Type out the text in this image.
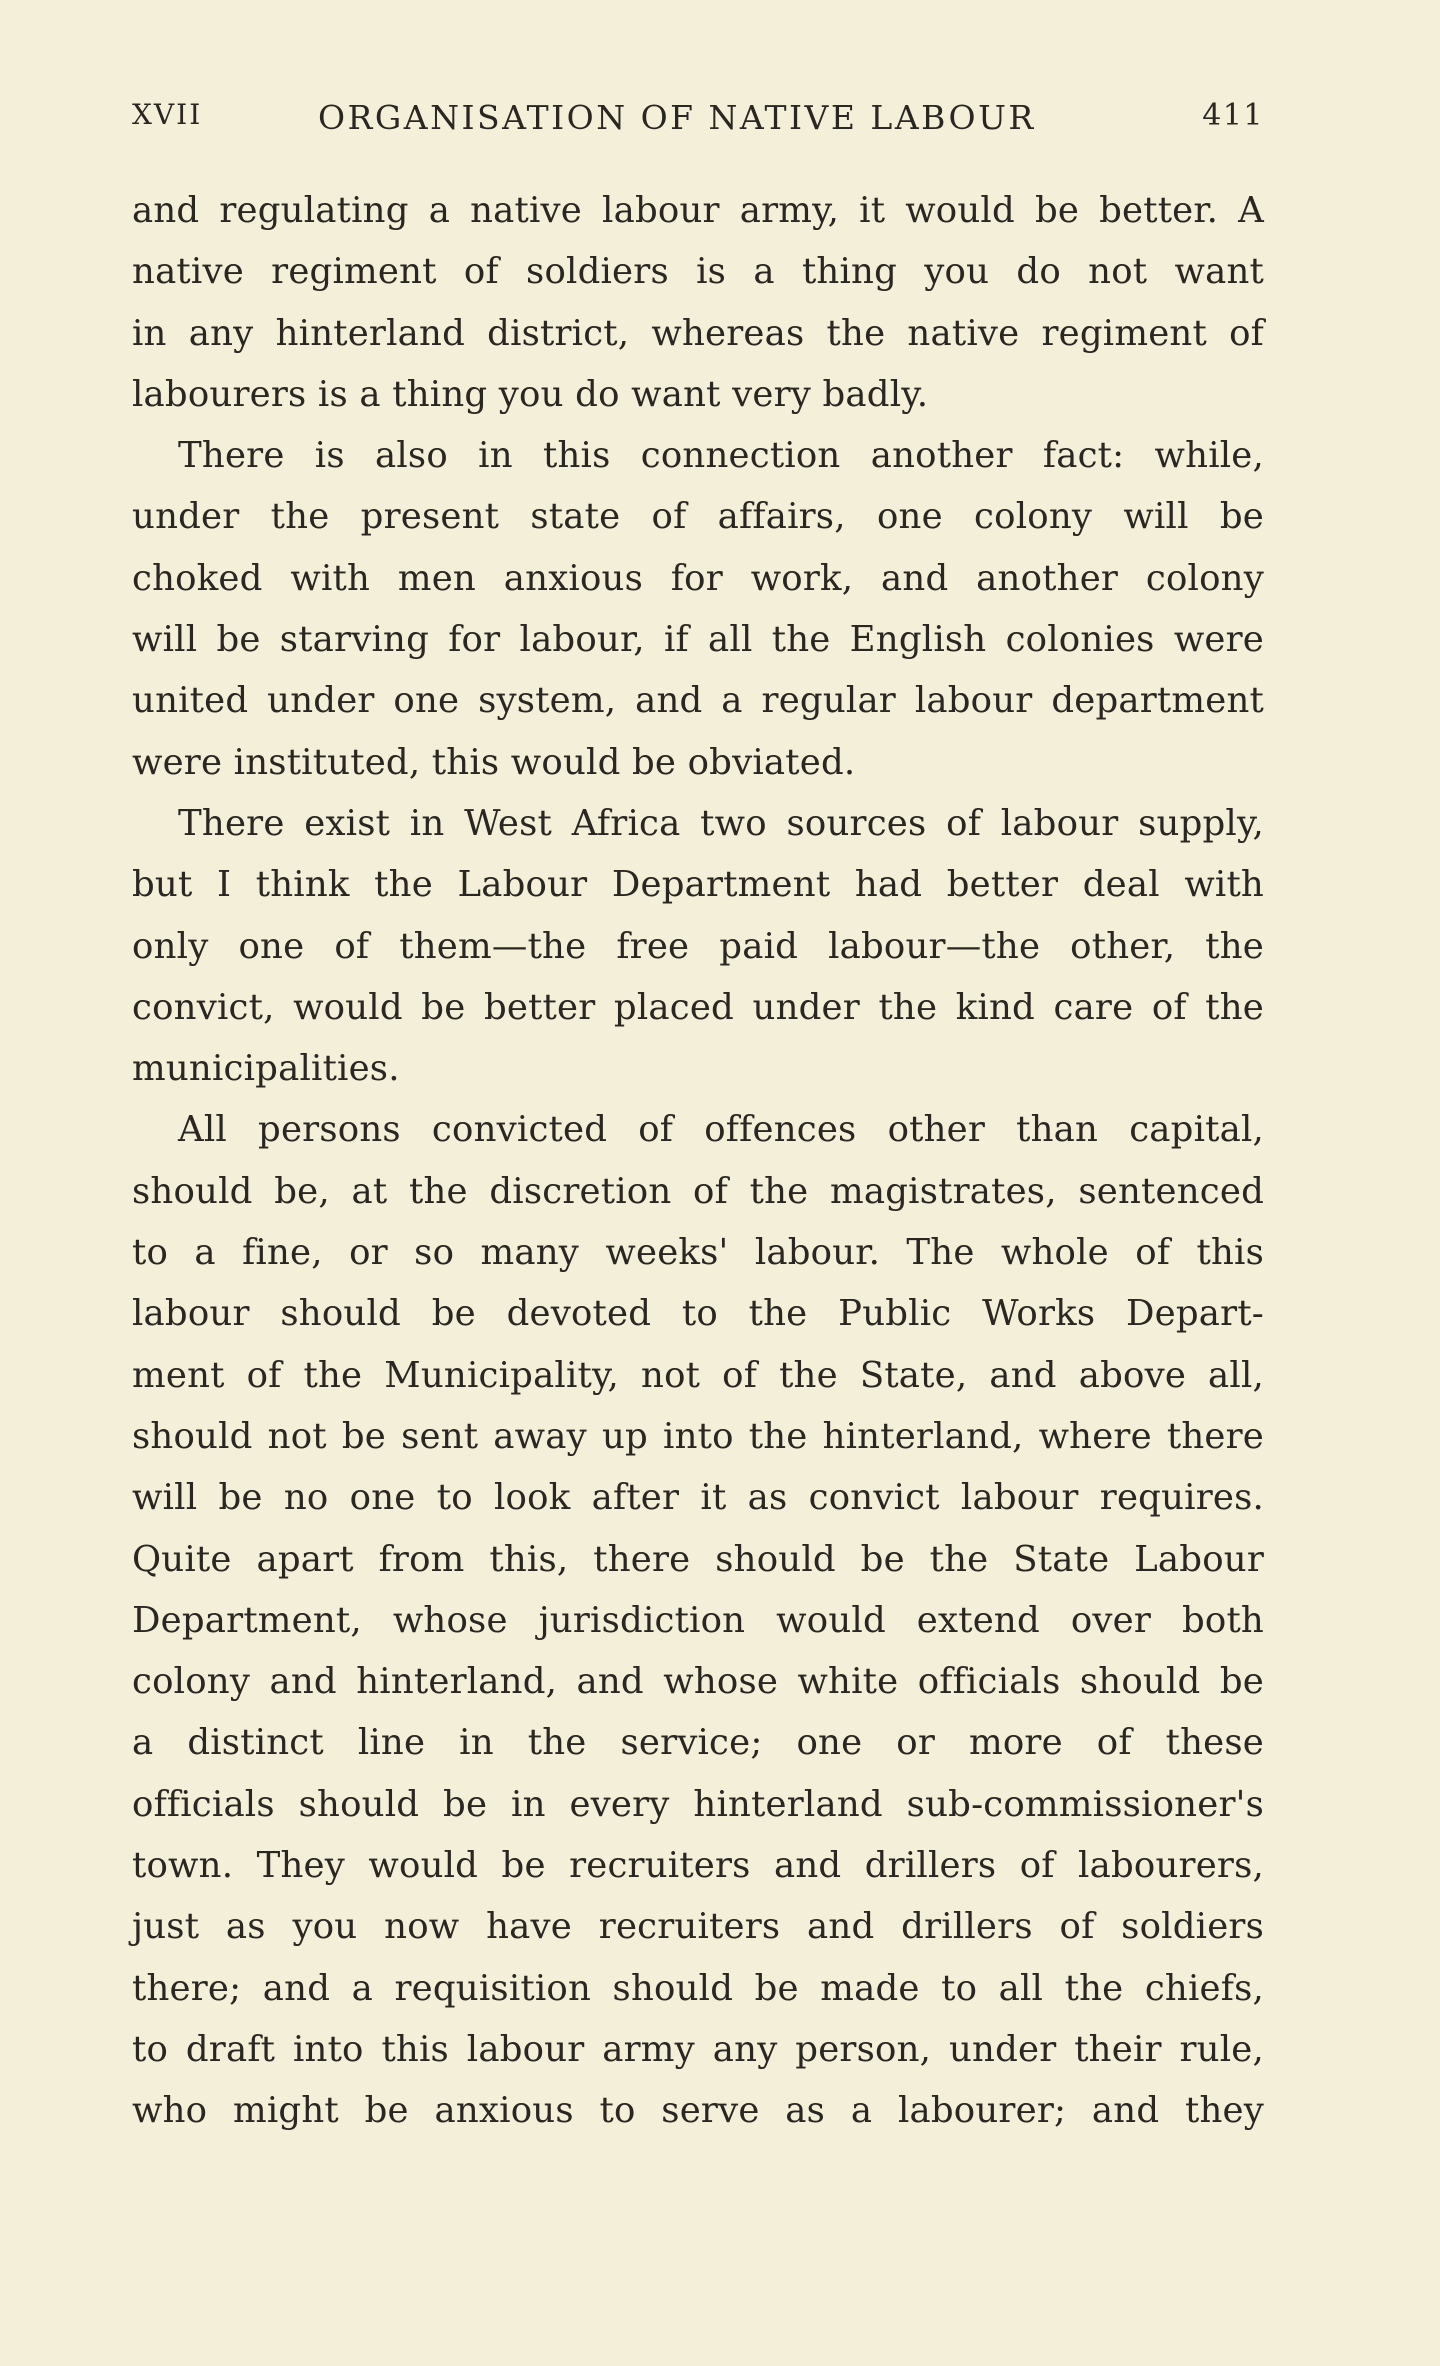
XVII	ORGANISATION OF NATIVE LABOUR	411
and regulating a native labour army, it would be better. A
native regiment of soldiers is a thing you do not want
in any hinterland district, whereas the native regiment of
labourers is a thing you do want very badly.
There is also in this connection another fact: while,
under the present state of affairs, one colony will be
choked with men anxious for work, and another colony
will be starving for labour, if all the English colonies were
united under one system, and a regular labour department
were instituted, this would be obviated.
There exist in West Africa two sources of labour supply,
but I think the Labour Department had better deal with
only one of them—the free paid labour—the other, the
convict, would be better placed under the kind care of the
municipalities.
All persons convicted of offences other than capital,
should be, at the discretion of the magistrates, sentenced
to a fine, or so many weeks' labour. The whole of this
labour should be devoted to the Public Works Depart-
ment of the Municipality, not of the State, and above all,
should not be sent away up into the hinterland, where there
will be no one to look after it as convict labour requires.
Quite apart from this, there should be the State Labour
Department, whose jurisdiction would extend over both
colony and hinterland, and whose white officials should be
a distinct line in the service; one or more of these
officials should be in every hinterland sub-commissioner's
town. They would be recruiters and drillers of labourers,
just as you now have recruiters and drillers of soldiers
there; and a requisition should be made to all the chiefs,
to draft into this labour army any person, under their rule,
who might be anxious to serve as a labourer; and they
